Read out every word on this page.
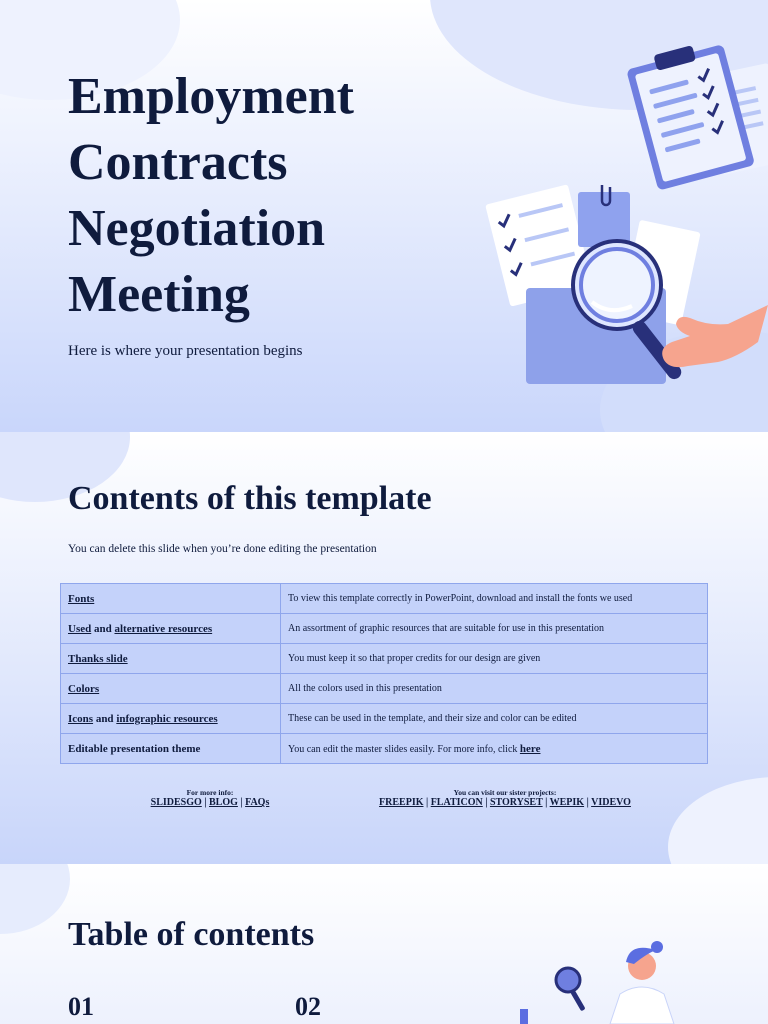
Employment
Contracts
Negotiation
Meeting
Here is where your presentation begins
Contents of this template
You can delete this slide when you’re done editing the presentation
Fonts	To view this template correctly in PowerPoint, download and install the fonts we used
Used and alternative resources	An assortment of graphic resources that are suitable for use in this presentation
Thanks slide	You must keep it so that proper credits for our design are given
Colors	All the colors used in this presentation
Icons and infographic resources	These can be used in the template, and their size and color can be edited
Editable presentation theme	You can edit the master slides easily. For more info, click here
For more info:
SLIDESGO | BLOG | FAQs
You can visit our sister projects:
FREEPIK | FLATICON | STORYSET | WEPIK | VIDEVO
Table of contents
01	02
